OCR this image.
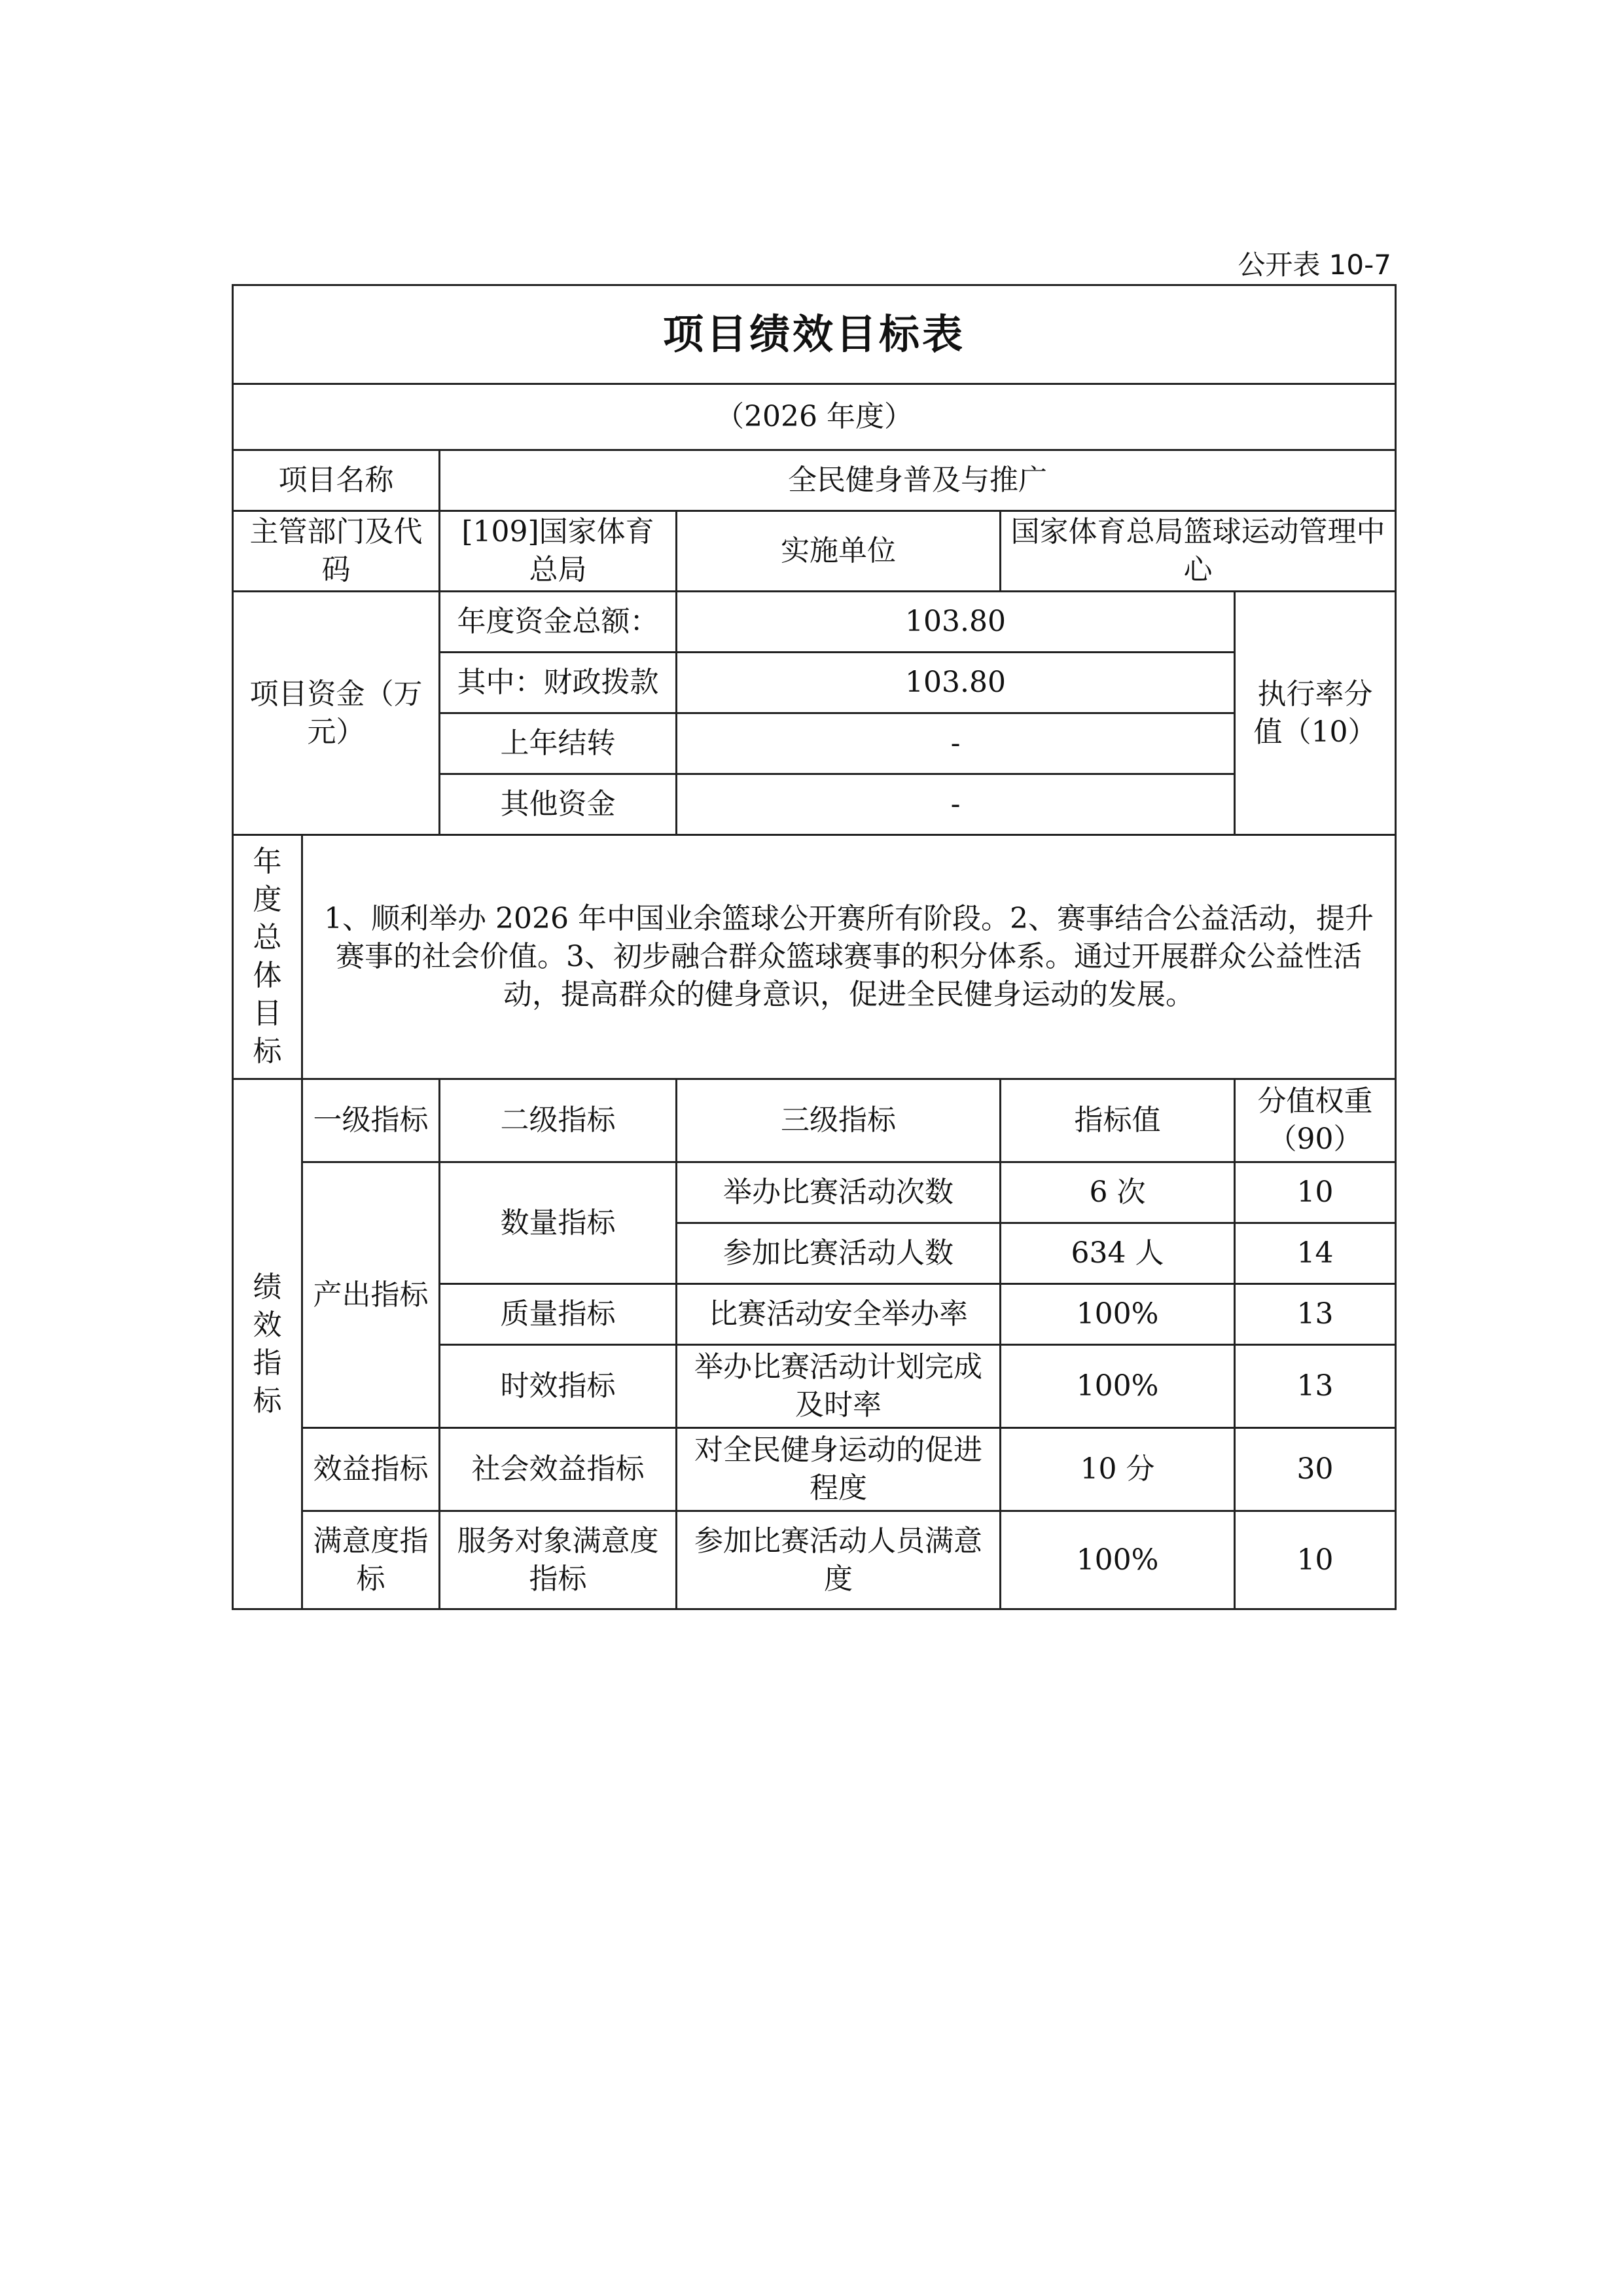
公开表 10-7
项目绩效目标表					
（2026 年度）					
项目名称		全民健身普及与推广			
主管部门及代码		[109]国家体育总局	实施单位	国家体育总局篮球运动管理中心	
项目资金（万元）		年度资金总额：	103.80		执行率分值（10）
		其中：财政拨款	103.80		
		上年结转	-		
		其他资金	-		
年度总体目标	1、顺利举办 2026 年中国业余篮球公开赛所有阶段。2、赛事结合公益活动，提升赛事的社会价值。3、初步融合群众篮球赛事的积分体系。通过开展群众公益性活动，提高群众的健身意识，促进全民健身运动的发展。				
绩效指标	一级指标	二级指标	三级指标	指标值	分值权重（90）
	产出指标	数量指标	举办比赛活动次数	6 次	10
			参加比赛活动人数	634 人	14
		质量指标	比赛活动安全举办率	100%	13
		时效指标	举办比赛活动计划完成及时率	100%	13
	效益指标	社会效益指标	对全民健身运动的促进程度	10 分	30
	满意度指标	服务对象满意度指标	参加比赛活动人员满意度	100%	10
